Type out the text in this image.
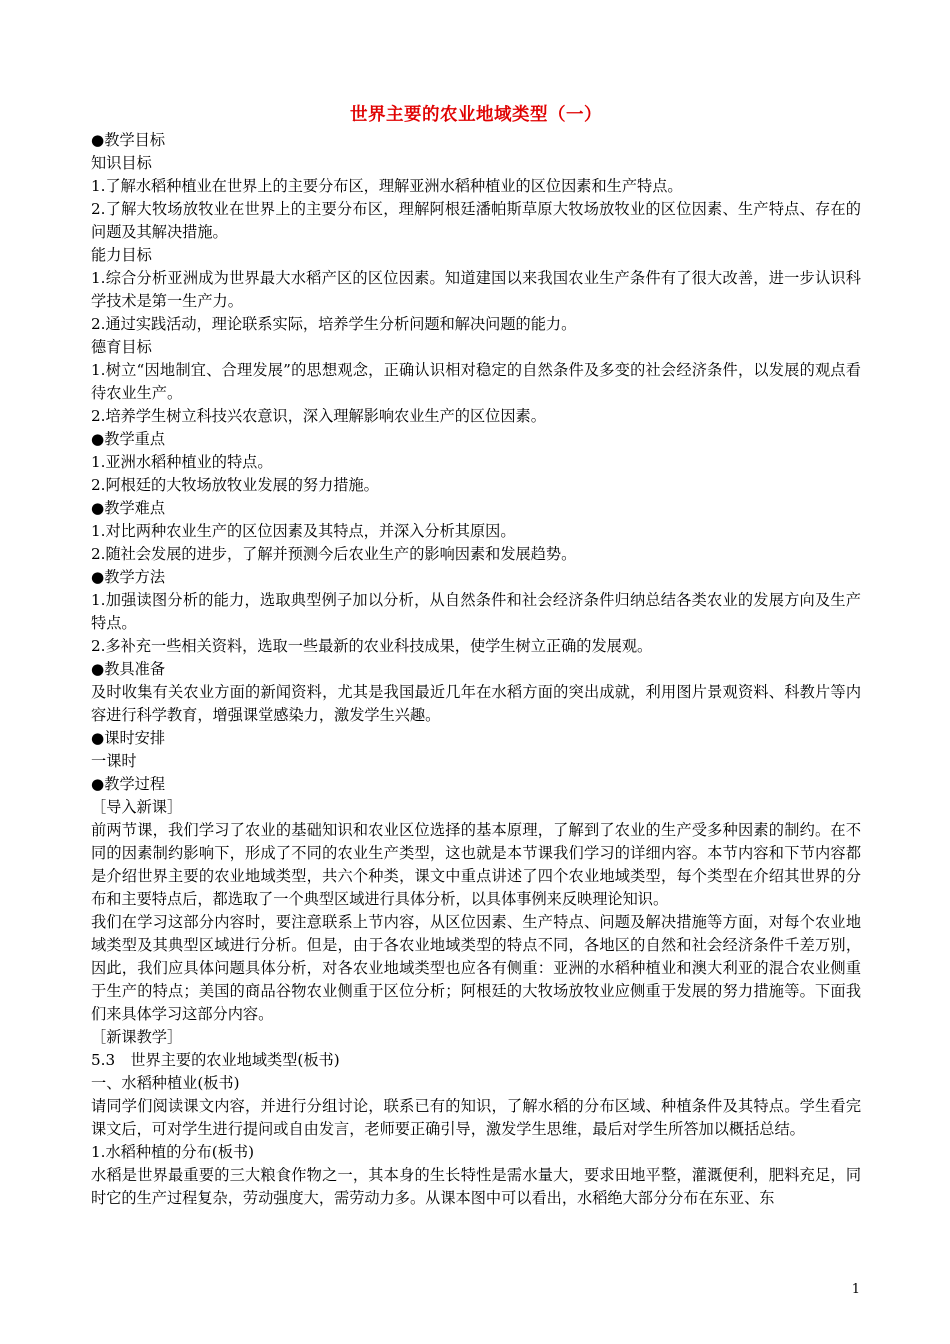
世界主要的农业地域类型（一）
●教学目标
知识目标
1.了解水稻种植业在世界上的主要分布区，理解亚洲水稻种植业的区位因素和生产特点。
2.了解大牧场放牧业在世界上的主要分布区，理解阿根廷潘帕斯草原大牧场放牧业的区位因素、生产特点、存在的问题及其解决措施。
能力目标
1.综合分析亚洲成为世界最大水稻产区的区位因素。知道建国以来我国农业生产条件有了很大改善，进一步认识科学技术是第一生产力。
2.通过实践活动，理论联系实际，培养学生分析问题和解决问题的能力。
德育目标
1.树立“因地制宜、合理发展”的思想观念，正确认识相对稳定的自然条件及多变的社会经济条件，以发展的观点看待农业生产。
2.培养学生树立科技兴农意识，深入理解影响农业生产的区位因素。
●教学重点
1.亚洲水稻种植业的特点。
2.阿根廷的大牧场放牧业发展的努力措施。
●教学难点
1.对比两种农业生产的区位因素及其特点，并深入分析其原因。
2.随社会发展的进步，了解并预测今后农业生产的影响因素和发展趋势。
●教学方法
1.加强读图分析的能力，选取典型例子加以分析，从自然条件和社会经济条件归纳总结各类农业的发展方向及生产特点。
2.多补充一些相关资料，选取一些最新的农业科技成果，使学生树立正确的发展观。
●教具准备
及时收集有关农业方面的新闻资料，尤其是我国最近几年在水稻方面的突出成就，利用图片景观资料、科教片等内容进行科学教育，增强课堂感染力，激发学生兴趣。
●课时安排
一课时
●教学过程
［导入新课］
前两节课，我们学习了农业的基础知识和农业区位选择的基本原理，了解到了农业的生产受多种因素的制约。在不同的因素制约影响下，形成了不同的农业生产类型，这也就是本节课我们学习的详细内容。本节内容和下节内容都是介绍世界主要的农业地域类型，共六个种类，课文中重点讲述了四个农业地域类型，每个类型在介绍其世界的分布和主要特点后，都选取了一个典型区域进行具体分析，以具体事例来反映理论知识。
我们在学习这部分内容时，要注意联系上节内容，从区位因素、生产特点、问题及解决措施等方面，对每个农业地域类型及其典型区域进行分析。但是，由于各农业地域类型的特点不同，各地区的自然和社会经济条件千差万别，因此，我们应具体问题具体分析，对各农业地域类型也应各有侧重：亚洲的水稻种植业和澳大利亚的混合农业侧重于生产的特点；美国的商品谷物农业侧重于区位分析；阿根廷的大牧场放牧业应侧重于发展的努力措施等。下面我们来具体学习这部分内容。
［新课教学］
5.3　世界主要的农业地域类型(板书)
一、水稻种植业(板书)
请同学们阅读课文内容，并进行分组讨论，联系已有的知识，了解水稻的分布区域、种植条件及其特点。学生看完课文后，可对学生进行提问或自由发言，老师要正确引导，激发学生思维，最后对学生所答加以概括总结。
1.水稻种植的分布(板书)
水稻是世界最重要的三大粮食作物之一，其本身的生长特性是需水量大，要求田地平整，灌溉便利，肥料充足，同时它的生产过程复杂，劳动强度大，需劳动力多。从课本图中可以看出，水稻绝大部分分布在东亚、东
1
